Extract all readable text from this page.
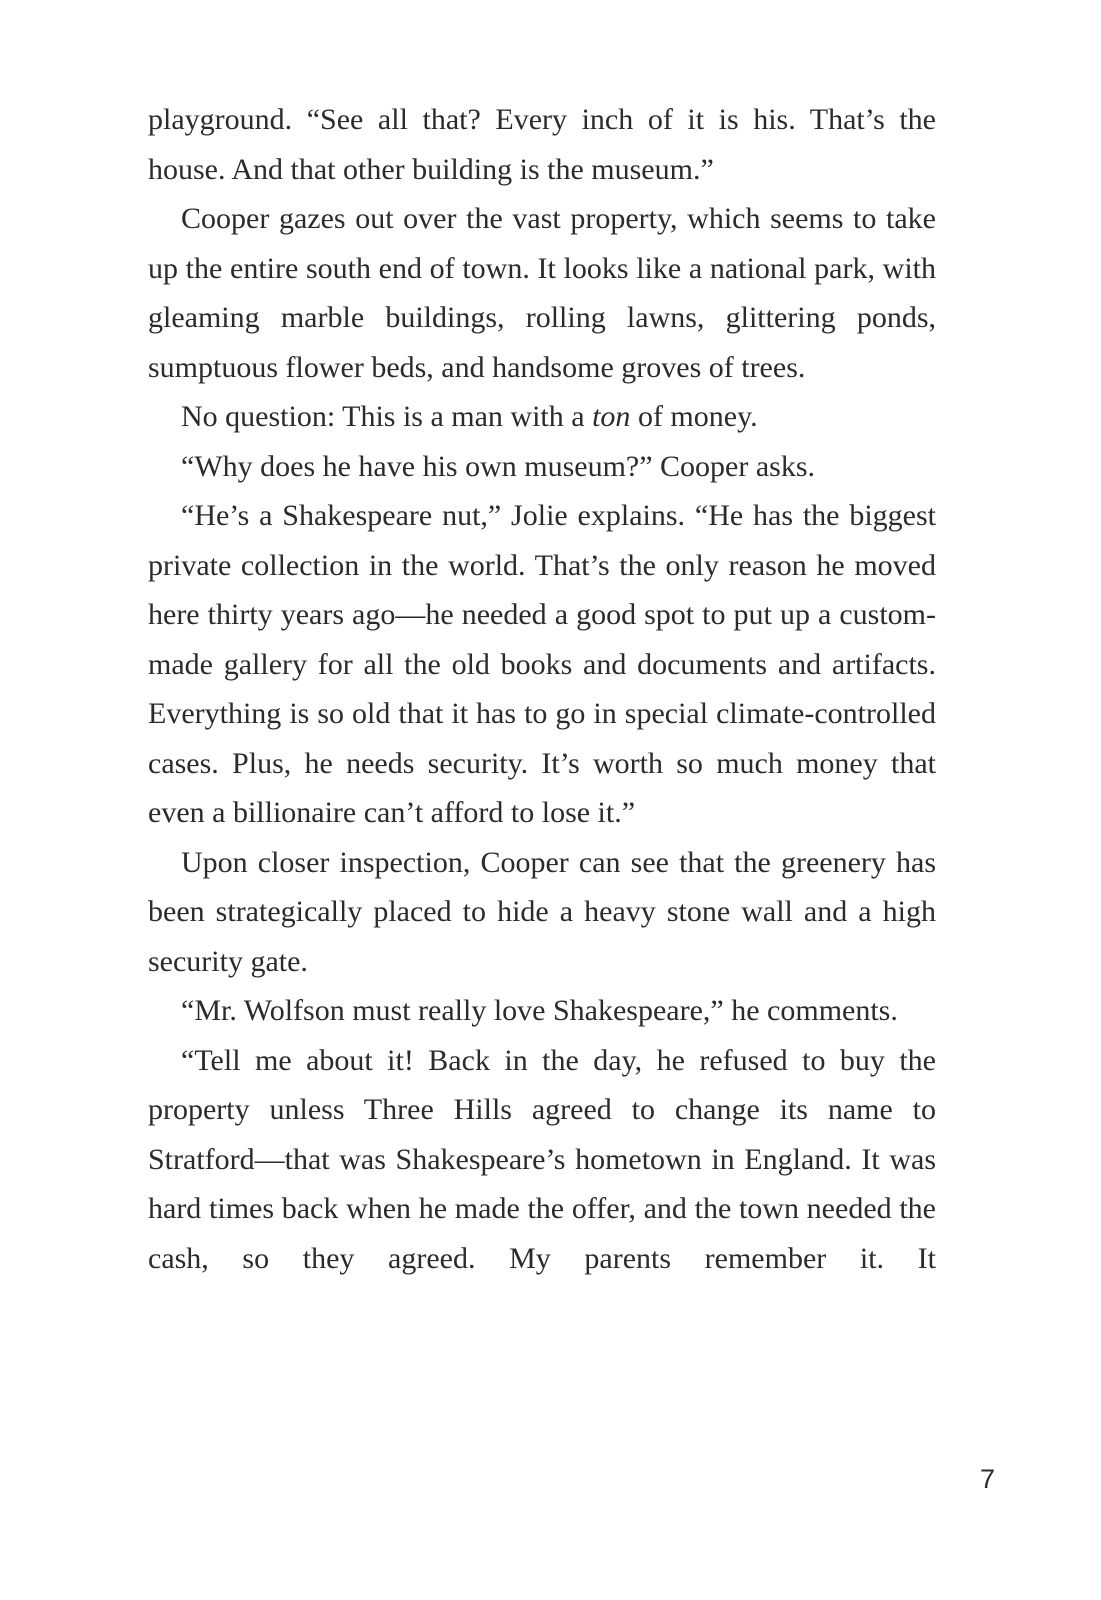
playground. “See all that? Every inch of it is his. That’s the house. And that other building is the museum.”

Cooper gazes out over the vast property, which seems to take up the entire south end of town. It looks like a national park, with gleaming marble buildings, rolling lawns, glittering ponds, sumptuous flower beds, and handsome groves of trees.

No question: This is a man with a ton of money.

“Why does he have his own museum?” Cooper asks.

“He’s a Shakespeare nut,” Jolie explains. “He has the biggest private collection in the world. That’s the only reason he moved here thirty years ago—he needed a good spot to put up a custom-made gallery for all the old books and documents and artifacts. Everything is so old that it has to go in special climate-controlled cases. Plus, he needs security. It’s worth so much money that even a billionaire can’t afford to lose it.”

Upon closer inspection, Cooper can see that the greenery has been strategically placed to hide a heavy stone wall and a high security gate.

“Mr. Wolfson must really love Shakespeare,” he comments.

“Tell me about it! Back in the day, he refused to buy the property unless Three Hills agreed to change its name to Stratford—that was Shakespeare’s hometown in England. It was hard times back when he made the offer, and the town needed the cash, so they agreed. My parents remember it. It

7
